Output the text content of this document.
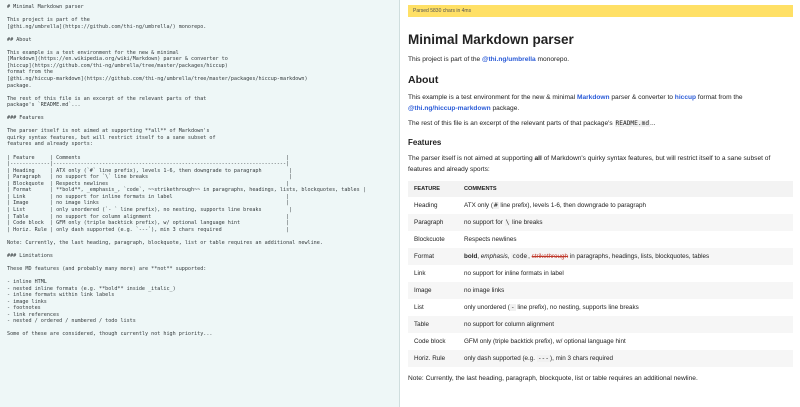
# Minimal Markdown parser

This project is part of the
[@thi.ng/umbrella](https://github.com/thi-ng/umbrella/) monorepo.

## About

This example is a test environment for the new & minimal
[Markdown](https://en.wikipedia.org/wiki/Markdown) parser & converter to
[hiccup](https://github.com/thi-ng/umbrella/tree/master/packages/hiccup)
format from the
[@thi.ng/hiccup-markdown](https://github.com/thi-ng/umbrella/tree/master/packages/hiccup-markdown)
package.

The rest of this file is an excerpt of the relevant parts of that
package's `README.md`...

### Features

The parser itself is not aimed at supporting **all** of Markdown's
quirky syntax features, but will restrict itself to a sane subset of
features and already sports:

| Feature     | Comments                                                                   |
|-------------|----------------------------------------------------------------------------|
| Heading     | ATX only (`#` line prefix), levels 1-6, then downgrade to paragraph         |
| Paragraph   | no support for `\` line breaks                                              |
| Blockquote  | Respects newlines                                                          |
| Format      | **bold**, _emphasis_, `code`, ~~strikethrough~~ in paragraphs, headings, lists, blockquotes, tables |
| Link        | no support for inline formats in label                                     |
| Image       | no image links                                                             |
| List        | only unordered (`- ` line prefix), no nesting, supports line breaks         |
| Table       | no support for column alignment                                            |
| Code block  | GFM only (triple backtick prefix), w/ optional language hint               |
| Horiz. Rule | only dash supported (e.g. `---`), min 3 chars required                     |

Note: Currently, the last heading, paragraph, blockquote, list or table requires an additional newline.

### Limitations

These MD features (and probably many more) are **not** supported:

- inline HTML
- nested inline formats (e.g. **bold** inside _italic_)
- inline formats within link labels
- image links
- footnotes
- link references
- nested / ordered / numbered / todo lists

Some of these are considered, though currently not high priority...

Parsed 5830 chars in 4ms
Minimal Markdown parser

This project is part of the @thi.ng/umbrella monorepo.

About

This example is a test environment for the new & minimal Markdown parser & converter to hiccup format from the @thi.ng/hiccup-markdown package.

The rest of this file is an excerpt of the relevant parts of that package's README.md...

Features

The parser itself is not aimed at supporting all of Markdown's quirky syntax features, but will restrict itself to a sane subset of features and already sports:

FEATURE	COMMENTS
Heading	ATX only (# line prefix), levels 1-6, then downgrade to paragraph
Paragraph	no support for \ line breaks
Blockcuote	Respects newlines
Format	bold, emphasis, code, strikethrough in paragraphs, headings, lists, blockquotes, tables
Link	no support for inline formats in label
Image	no image links
List	only unordered (- line prefix), no nesting, supports line breaks
Table	no support for column alignment
Code block	GFM only (triple backtick prefix), w/ optional language hint
Horiz. Rule	only dash supported (e.g. ---), min 3 chars required

Note: Currently, the last heading, paragraph, blockquote, list or table requires an additional newline.
